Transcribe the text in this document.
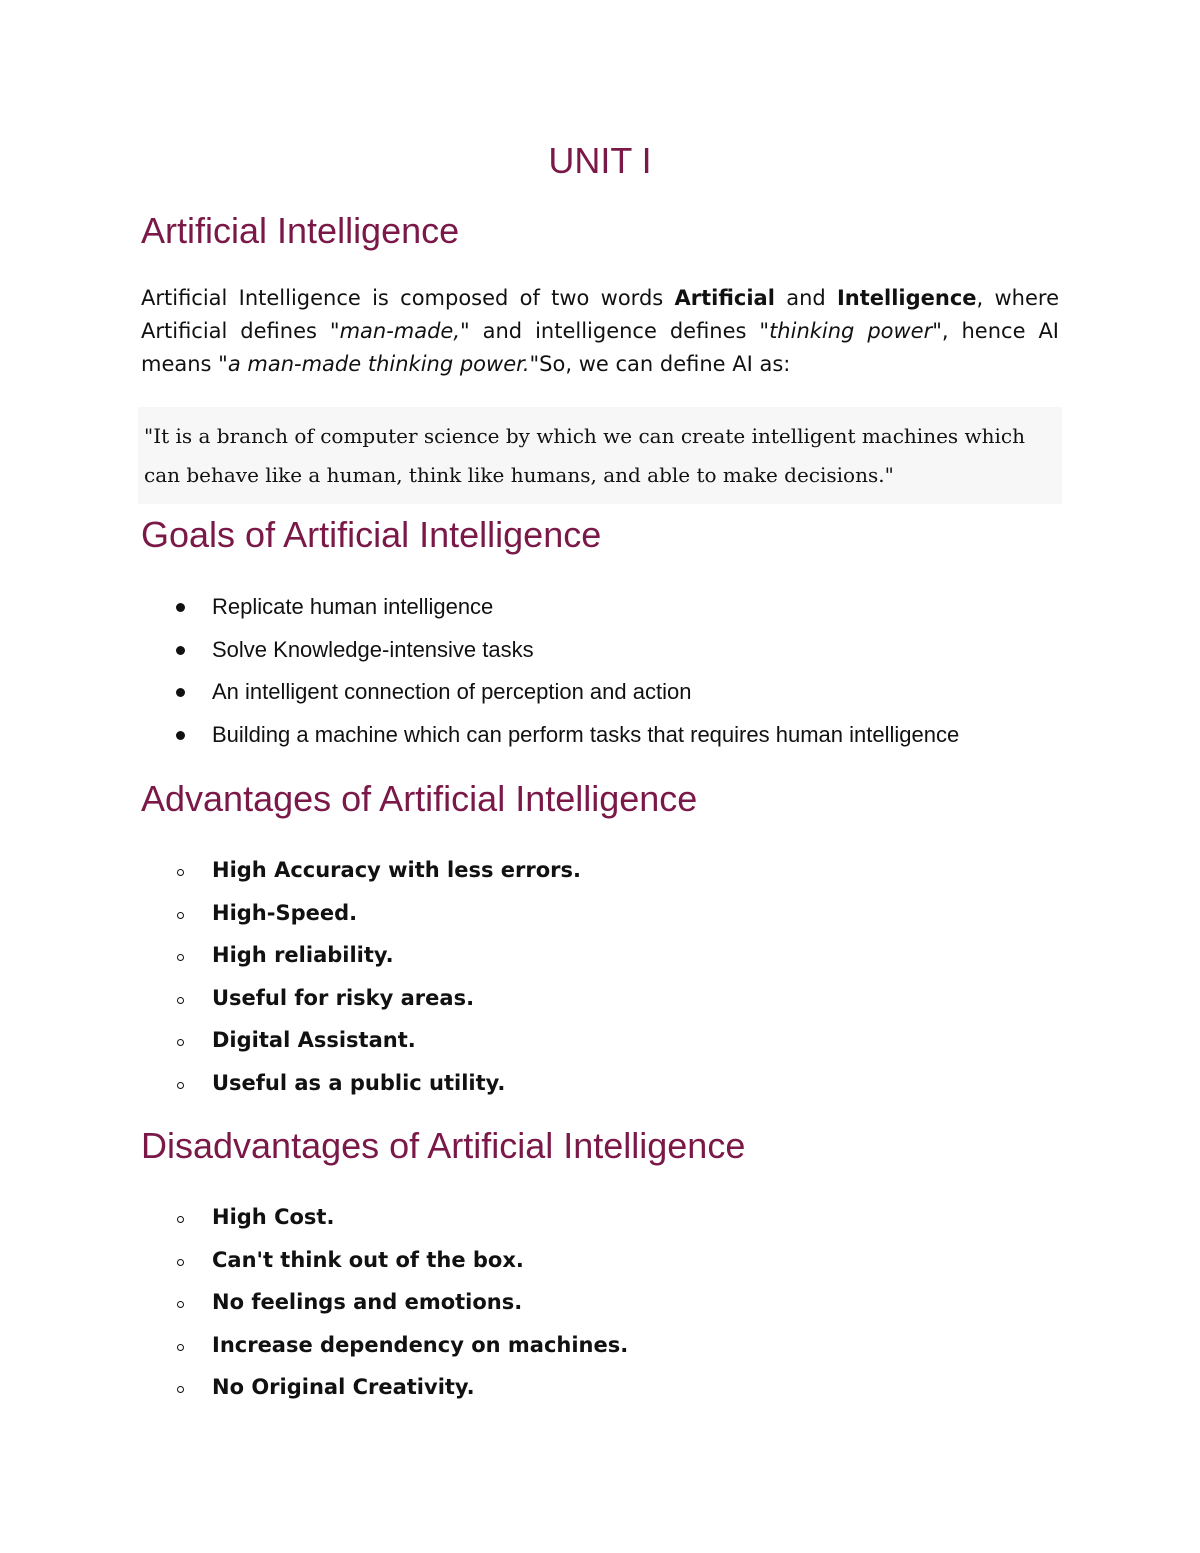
UNIT I
Artificial Intelligence

Artificial Intelligence is composed of two words Artificial and Intelligence, where Artificial defines "man-made," and intelligence defines "thinking power", hence AI means "a man-made thinking power."So, we can define AI as:

"It is a branch of computer science by which we can create intelligent machines which can behave like a human, think like humans, and able to make decisions."
Goals of Artificial Intelligence
Replicate human intelligence
Solve Knowledge-intensive tasks
An intelligent connection of perception and action
Building a machine which can perform tasks that requires human intelligence
Advantages of Artificial Intelligence
High Accuracy with less errors.
High-Speed.
High reliability.
Useful for risky areas.
Digital Assistant.
Useful as a public utility.
Disadvantages of Artificial Intelligence
High Cost.
Can't think out of the box.
No feelings and emotions.
Increase dependency on machines.
No Original Creativity.
